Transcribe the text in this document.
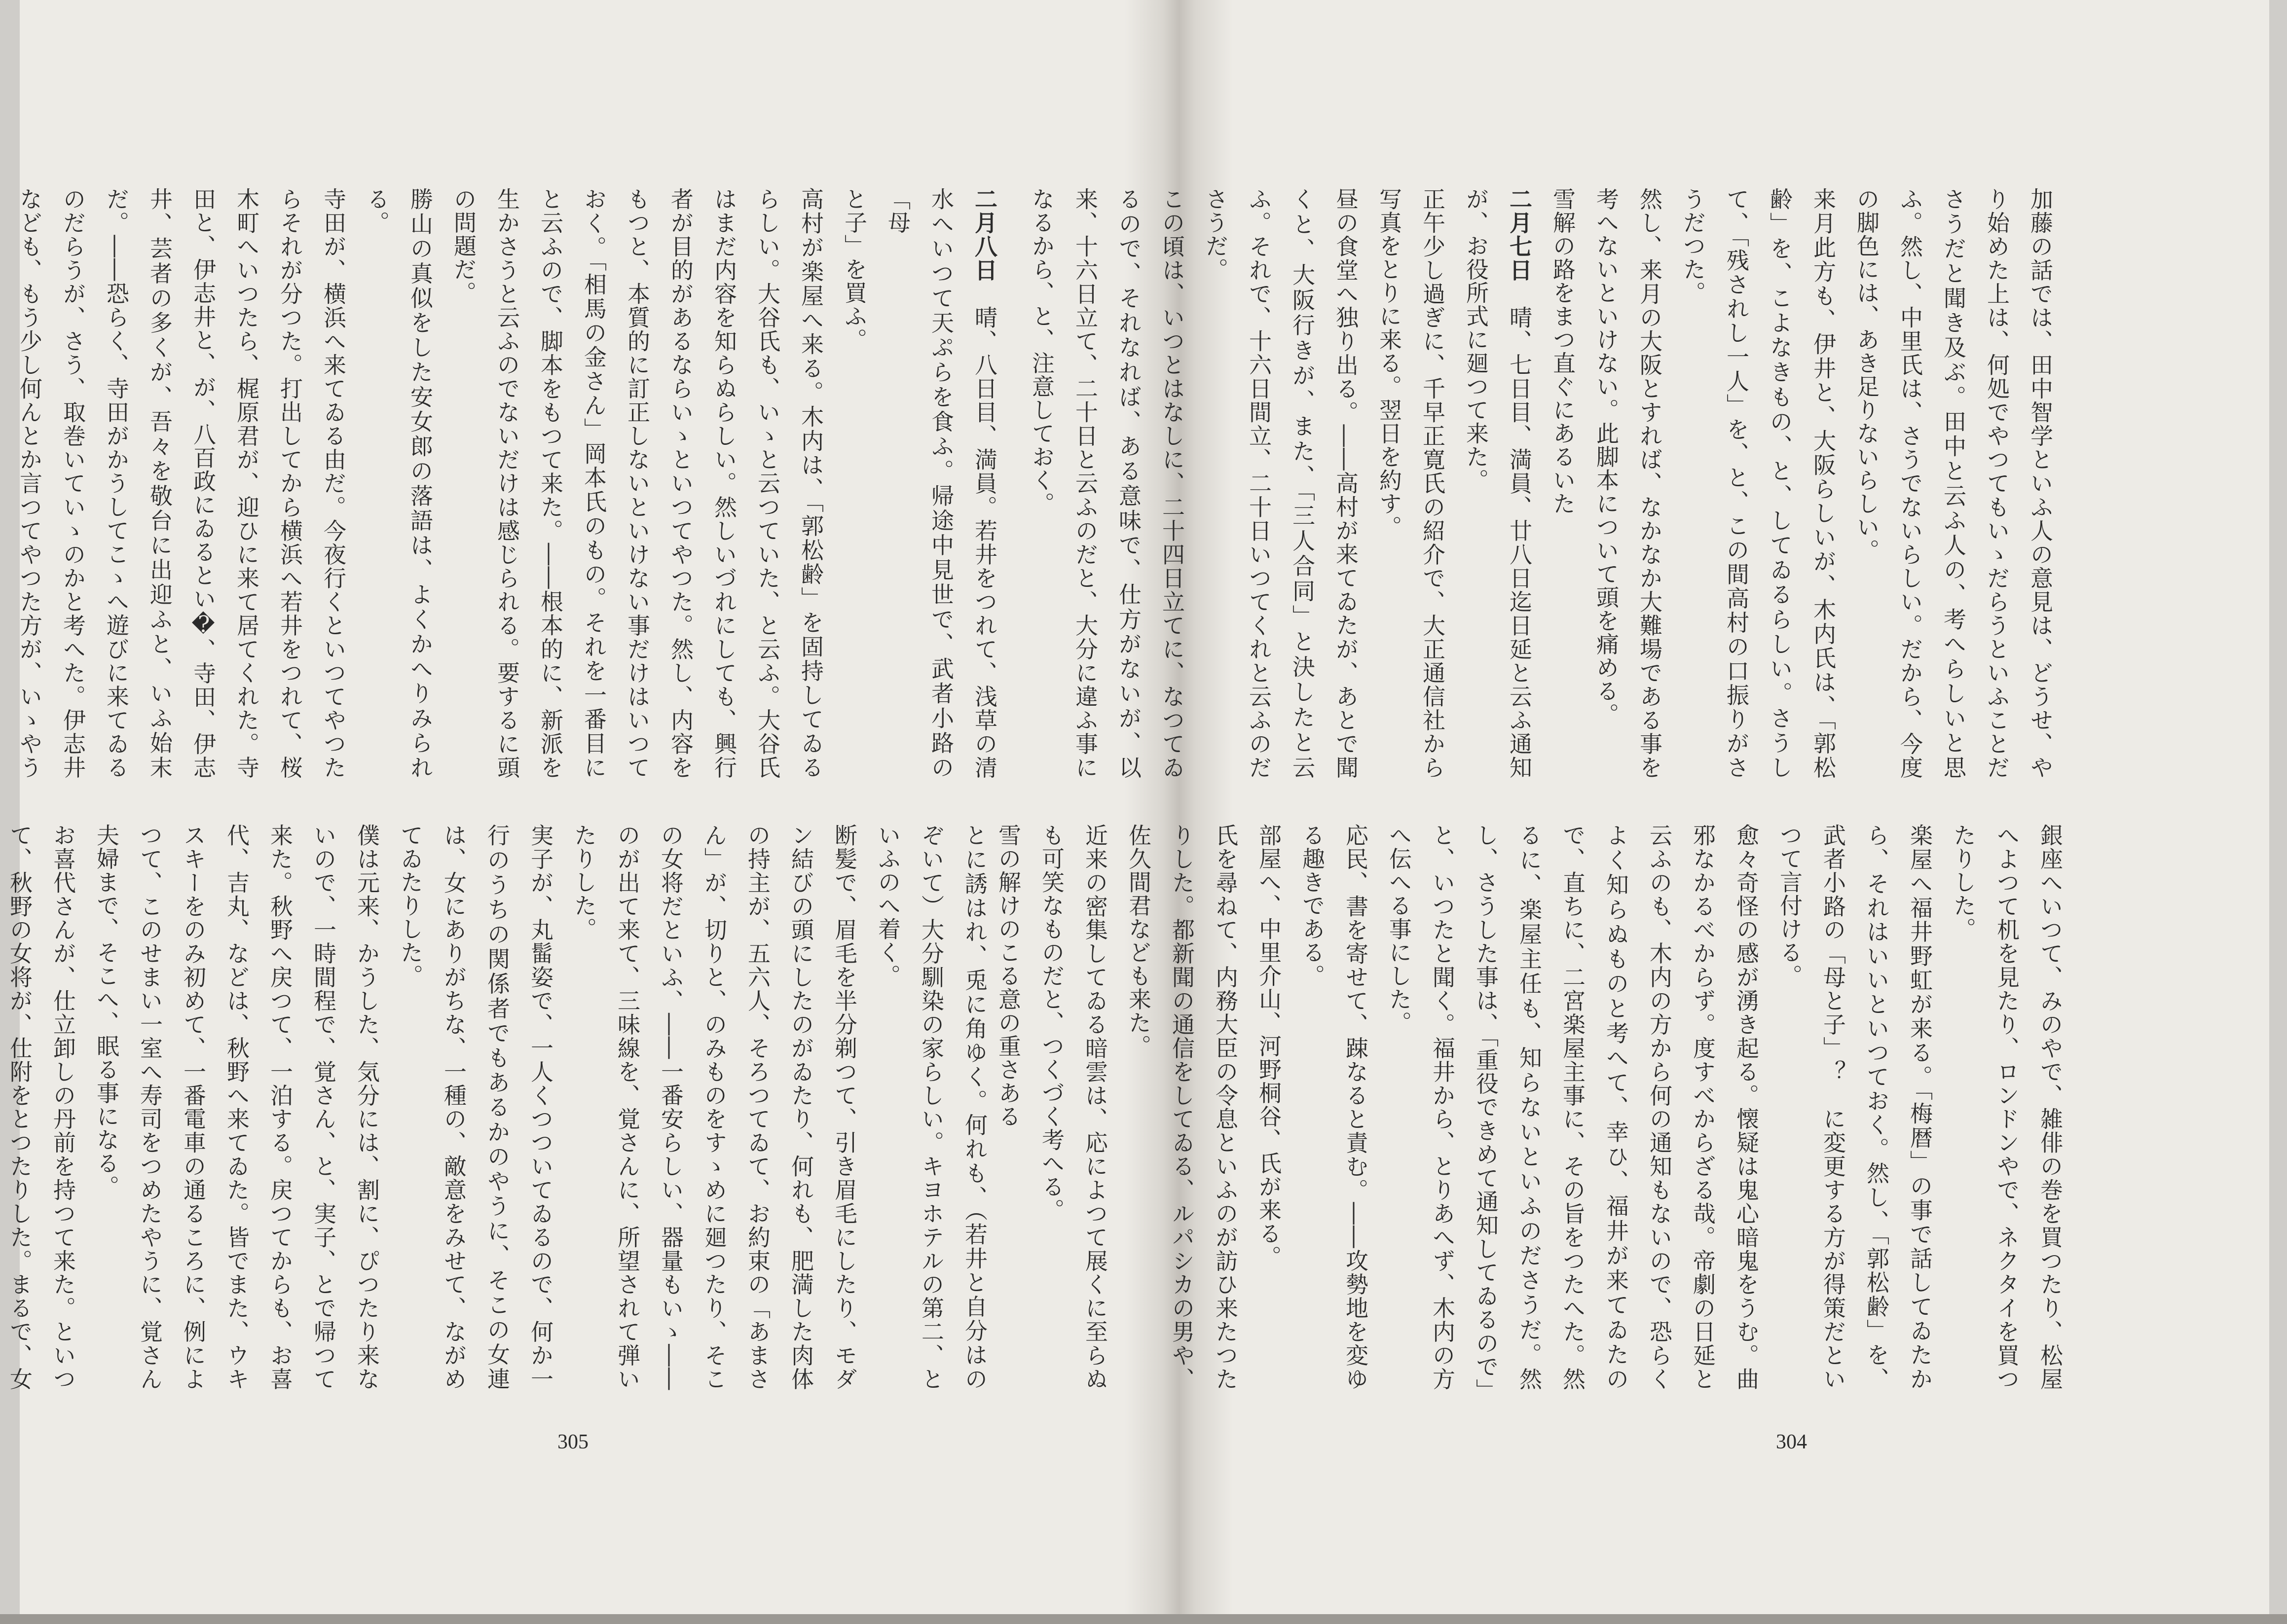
二月八日　晴、八日目、満員。若井をつれて、浅草の清水へいつて天ぷらを食ふ。帰途中見世で、武者小路の「母

と子」を買ふ。

高村が楽屋へ来る。木内は、「郭松齢」を固持してゐるらしい。大谷氏も、いゝと云つていた、と云ふ。大谷氏はまだ内容を知らぬらしい。然しいづれにしても、興行者が目的があるならいゝといつてやつた。然し、内容をもつと、本質的に訂正しないといけない事だけはいつておく。「相馬の金さん」岡本氏のもの。それを一番目にと云ふので、脚本をもつて来た。――根本的に、新派を生かさうと云ふのでないだけは感じられる。要するに頭の問題だ。

勝山の真似をした安女郎の落語は、よくかへりみられる。

寺田が、横浜へ来てゐる由だ。今夜行くといつてやつたらそれが分つた。打出してから横浜へ若井をつれて、桜木町へいつたら、梶原君が、迎ひに来て居てくれた。寺田と、伊志井と、が、八百政にゐるとい�、寺田、伊志井、芸者の多くが、吾々を敬台に出迎ふと、いふ始末だ。――恐らく、寺田がかうしてこゝへ遊びに来てゐるのだらうが、さう、取巻いていゝのかと考へた。伊志井なども、もう少し何んとか言つてやつた方が、いゝやう

とに誘はれ、兎に角ゆく。何れも、（若井と自分はのぞいて）大分馴染の家らしい。キヨホテルの第二、といふのへ着く。

断髪で、眉毛を半分剃つて、引き眉毛にしたり、モダン結びの頭にしたのがゐたり、何れも、肥満した肉体の持主が、五六人、そろつてゐて、お約束の「あまさん」が、切りと、のみものをすゝめに廻つたり、そこの女将だといふ、――一番安らしい、器量もいゝ――のが出て来て、三味線を、覚さんに、所望されて弾いたりした。

実子が、丸髷姿で、一人くつついてゐるので、何か一行のうちの関係者でもあるかのやうに、そこの女連は、女にありがちな、一種の、敵意をみせて、ながめてゐたりした。

僕は元来、かうした、気分には、割に、ぴつたり来ないので、一時間程で、覚さん、と、実子、とで帰つて来た。秋野へ戻つて、一泊する。戻つてからも、お喜代、吉丸、などは、秋野へ来てゐた。皆でまた、ウキスキーをのみ初めて、一番電車の通るころに、例によつて、このせまい一室へ寿司をつめたやうに、覚さん夫婦まで、そこへ、眠る事になる。

お喜代さんが、仕立卸しの丹前を持つて来た。といつて、秋野の女将が、仕附をとつたりした。まるで、女

305

加藤の話では、田中智学といふ人の意見は、どうせ、やり始めた上は、何処でやつてもいゝだらうといふことださうだと聞き及ぶ。田中と云ふ人の、考へらしいと思ふ。然し、中里氏は、さうでないらしい。だから、今度の脚色には、あき足りないらしい。

来月此方も、伊井と、大阪らしいが、木内氏は、「郭松齢」を、こよなきもの、と、してゐるらしい。さうして、「残されし一人」を、と、この間高村の口振りがさうだつた。

然し、来月の大阪とすれば、なかなか大難場である事を考へないといけない。此脚本について頭を痛める。

雪解の路をまつ直ぐにあるいた

二月七日　晴、七日目、満員、廿八日迄日延と云ふ通知が、お役所式に廻つて来た。

正午少し過ぎに、千早正寛氏の紹介で、大正通信社から写真をとりに来る。翌日を約す。

昼の食堂へ独り出る。――高村が来てゐたが、あとで聞くと、大阪行きが、また、「三人合同」と決したと云ふ。それで、十六日間立、二十日いつてくれと云ふのださうだ。

この頃は、いつとはなしに、二十四日立てに、なつてゐるので、それなれば、ある意味で、仕方がないが、以来、十六日立て、二十日と云ふのだと、大分に違ふ事になるから、と、注意しておく。

銀座へいつて、みのやで、雑俳の巻を買つたり、松屋へよつて机を見たり、ロンドンやで、ネクタイを買つたりした。

楽屋へ福井野虹が来る。「梅暦」の事で話してゐたから、それはいいといつておく。然し、「郭松齢」を、武者小路の「母と子」？　に変更する方が得策だといつて言付ける。

愈々奇怪の感が湧き起る。懐疑は鬼心暗鬼をうむ。曲邪なかるべからず。度すべからざる哉。帝劇の日延と云ふのも、木内の方から何の通知もないので、恐らくよく知らぬものと考へて、幸ひ、福井が来てゐたので、直ちに、二宮楽屋主事に、その旨をつたへた。然るに、楽屋主任も、知らないといふのださうだ。然し、さうした事は、「重役できめて通知してゐるので」と、いつたと聞く。福井から、とりあへず、木内の方へ伝へる事にした。

応民、書を寄せて、踈なると責む。――攻勢地を変ゆる趣きである。

部屋へ、中里介山、河野桐谷、氏が来る。

氏を尋ねて、内務大臣の令息といふのが訪ひ来たつたりした。都新聞の通信をしてゐる、ルパシカの男や、佐久間君なども来た。

近来の密集してゐる暗雲は、応によつて展くに至らぬも可笑なものだと、つくづく考へる。

雪の解けのこる意の重さある

304
